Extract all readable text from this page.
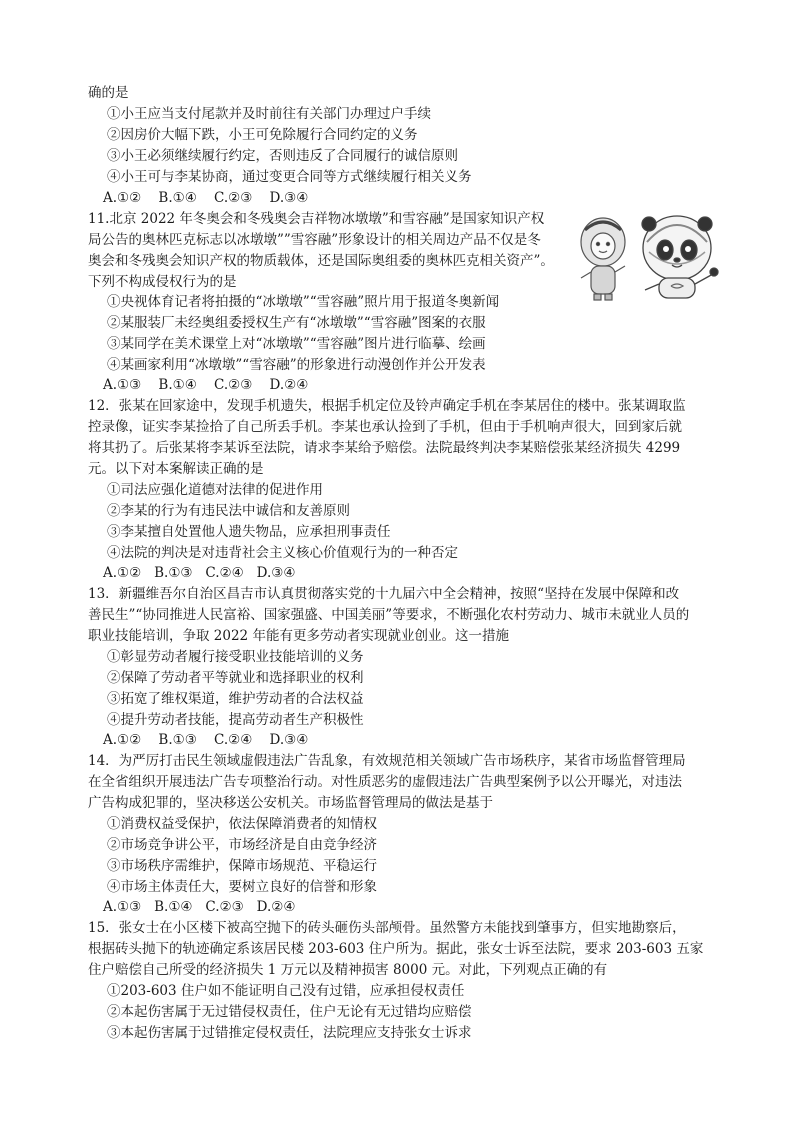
确的是
①小王应当支付尾款并及时前往有关部门办理过户手续
②因房价大幅下跌，小王可免除履行合同约定的义务
③小王必须继续履行约定，否则违反了合同履行的诚信原则
④小王可与李某协商，通过变更合同等方式继续履行相关义务
A.①②    B.①④    C.②③    D.③④
11.北京 2022 年冬奥会和冬残奥会吉祥物冰墩墩”和雪容融”是国家知识产权
局公告的奥林匹克标志以冰墩墩””雪容融”形象设计的相关周边产品不仅是冬
奥会和冬残奥会知识产权的物质载体，还是国际奥组委的奥林匹克相关资产”。
下列不构成侵权行为的是
①央视体育记者将拍摄的“冰墩墩”“雪容融”照片用于报道冬奥新闻
②某服装厂未经奥组委授权生产有“冰墩墩”“雪容融”图案的衣服
③某同学在美术课堂上对“冰墩墩”“雪容融”图片进行临摹、绘画
④某画家利用“冰墩墩”“雪容融”的形象进行动漫创作并公开发表
A.①③    B.①④    C.②③    D.②④
12．张某在回家途中，发现手机遗失，根据手机定位及铃声确定手机在李某居住的楼中。张某调取监
控录像，证实李某捡拾了自己所丢手机。李某也承认捡到了手机，但由于手机响声很大，回到家后就
将其扔了。后张某将李某诉至法院，请求李某给予赔偿。法院最终判决李某赔偿张某经济损失 4299
元。以下对本案解读正确的是
①司法应强化道德对法律的促进作用
②李某的行为有违民法中诚信和友善原则
③李某擅自处置他人遗失物品，应承担刑事责任
④法院的判决是对违背社会主义核心价值观行为的一种否定
A.①②   B.①③   C.②④   D.③④
13．新疆维吾尔自治区昌吉市认真贯彻落实党的十九届六中全会精神，按照“坚持在发展中保障和改
善民生”“协同推进人民富裕、国家强盛、中国美丽”等要求，不断强化农村劳动力、城市未就业人员的
职业技能培训，争取 2022 年能有更多劳动者实现就业创业。这一措施
①彰显劳动者履行接受职业技能培训的义务
②保障了劳动者平等就业和选择职业的权利
③拓宽了维权渠道，维护劳动者的合法权益
④提升劳动者技能，提高劳动者生产积极性
A.①②    B.①③    C.②④    D.③④
14．为严厉打击民生领域虚假违法广告乱象，有效规范相关领域广告市场秩序，某省市场监督管理局
在全省组织开展违法广告专项整治行动。对性质恶劣的虚假违法广告典型案例予以公开曝光，对违法
广告构成犯罪的，坚决移送公安机关。市场监督管理局的做法是基于
①消费权益受保护，依法保障消费者的知情权
②市场竞争讲公平，市场经济是自由竞争经济
③市场秩序需维护，保障市场规范、平稳运行
④市场主体责任大，要树立良好的信誉和形象
A.①③   B.①④   C.②③   D.②④
15．张女士在小区楼下被高空抛下的砖头砸伤头部颅骨。虽然警方未能找到肇事方，但实地勘察后，
根据砖头抛下的轨迹确定系该居民楼 203-603 住户所为。据此，张女士诉至法院，要求 203-603 五家
住户赔偿自己所受的经济损失 1 万元以及精神损害 8000 元。对此，下列观点正确的有
①203-603 住户如不能证明自己没有过错，应承担侵权责任
②本起伤害属于无过错侵权责任，住户无论有无过错均应赔偿
③本起伤害属于过错推定侵权责任，法院理应支持张女士诉求
